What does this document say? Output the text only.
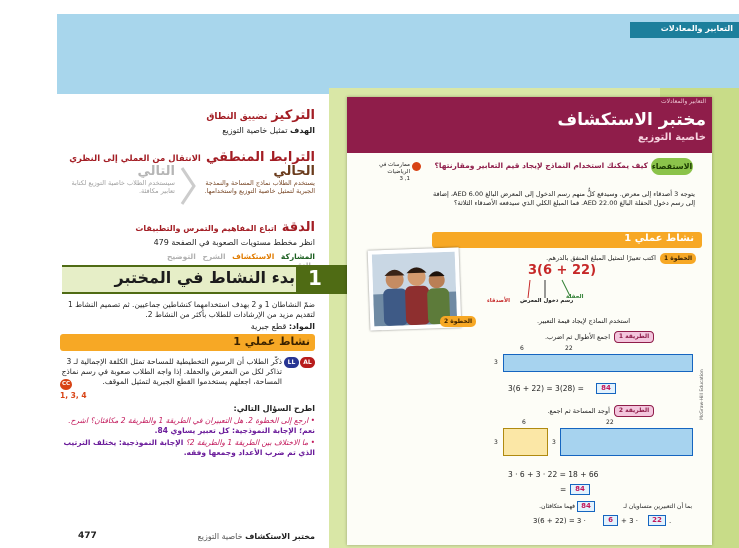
التعابير والمعادلات
التركيز تضييق النطاق
الهدف تمثيل خاصية التوزيع
الترابط المنطقي الانتقال من العملي إلى النظري
الحالي
يستخدم الطلاب نماذج المساحة والنمذجة الجبرية لتمثيل خاصية التوزيع واستخدامها.
التالي
سيستخدم الطلاب خاصية التوزيع لكتابة تعابير مكافئة.
الدقة اتباع المفاهيم والتمرس والتطبيقات
انظر مخطط مستويات الصعوبة في الصفحة 479
المشاركة الاستكشاف الشرح التوضيح
1
بدء النشاط في المختبر
ضمّ النشاطان 1 و 2 بهدف استخدامهما كنشاطين جماعيين. ثم تصميم النشاط 1 لتقديم مزيد من الإرشادات للطلاب بأكثر من النشاط 2.
المواد: قطع جبرية
نشاط عملي 1
AL
LL
ذكّر الطلاب أن الرسوم التخطيطية للمساحة تمثل الكلفة الإجمالية لـ 3 تذاكر لكل من المعرض والحفلة. إذا واجه الطلاب صعوبة في رسم نماذج المساحة، اجعلهم يستخدموا القطع الجبرية لتمثيل الموقف.
CC
1, 3, 4
اطرح السؤال التالي:
• ارجع إلى الخطوة 2. هل التعبيران في الطريقة 1 والطريقة 2 مكافئان؟ اشرح. نعم؛ الإجابة النموذجية: كل تعبير يساوي 84.
• ما الاختلاف بين الطريقة 1 والطريقة 2؟ الإجابة النموذجية: يختلف الترتيب الذي تم ضرب الأعداد وجمعها وفقه.
مختبر الاستكشاف خاصية التوزيع
477
التعابير والمعادلات
مختبر الاستكشاف
خاصية التوزيع
الاستقصاء
كيف يمكنك استخدام النماذج لإيجاد قيم التعابير ومقارنتها؟
ممارسات في الرياضيات
1, 3
يتوجه 3 أصدقاء إلى معرض. وسيدفع كلٌّ منهم رسم الدخول إلى المعرض البالغ AED 6.00، إضافة إلى رسم دخول الحفلة البالغ AED 22.00. فما المبلغ الكلي الذي سيدفعه الأصدقاء الثلاثة؟
نشاط عملي 1
الخطوة 1
اكتب تعبيرًا لتمثيل المبلغ المنفق بالدرهم.
3(6 + 22)
الأصدقاء رسم دخول المعرض
الحفلة
الخطوة 2	استخدم النماذج لإيجاد قيمة التعبير.
الطريقة 1
اجمع الأطوال ثم اضرب.
6	22
3
3(6 + 22) = 3(28) =	84
الطريقة 2
أوجد المساحة ثم اجمع.
6	22
3	3
3 · 6 + 3 · 22 = 18 + 66
=	84
بما أن التعبيرين متساويان لـ
84
فهما متكافئان.
3(6 + 22) = 3 ·	6	+ 3 ·	22	.
McGraw-Hill Education
